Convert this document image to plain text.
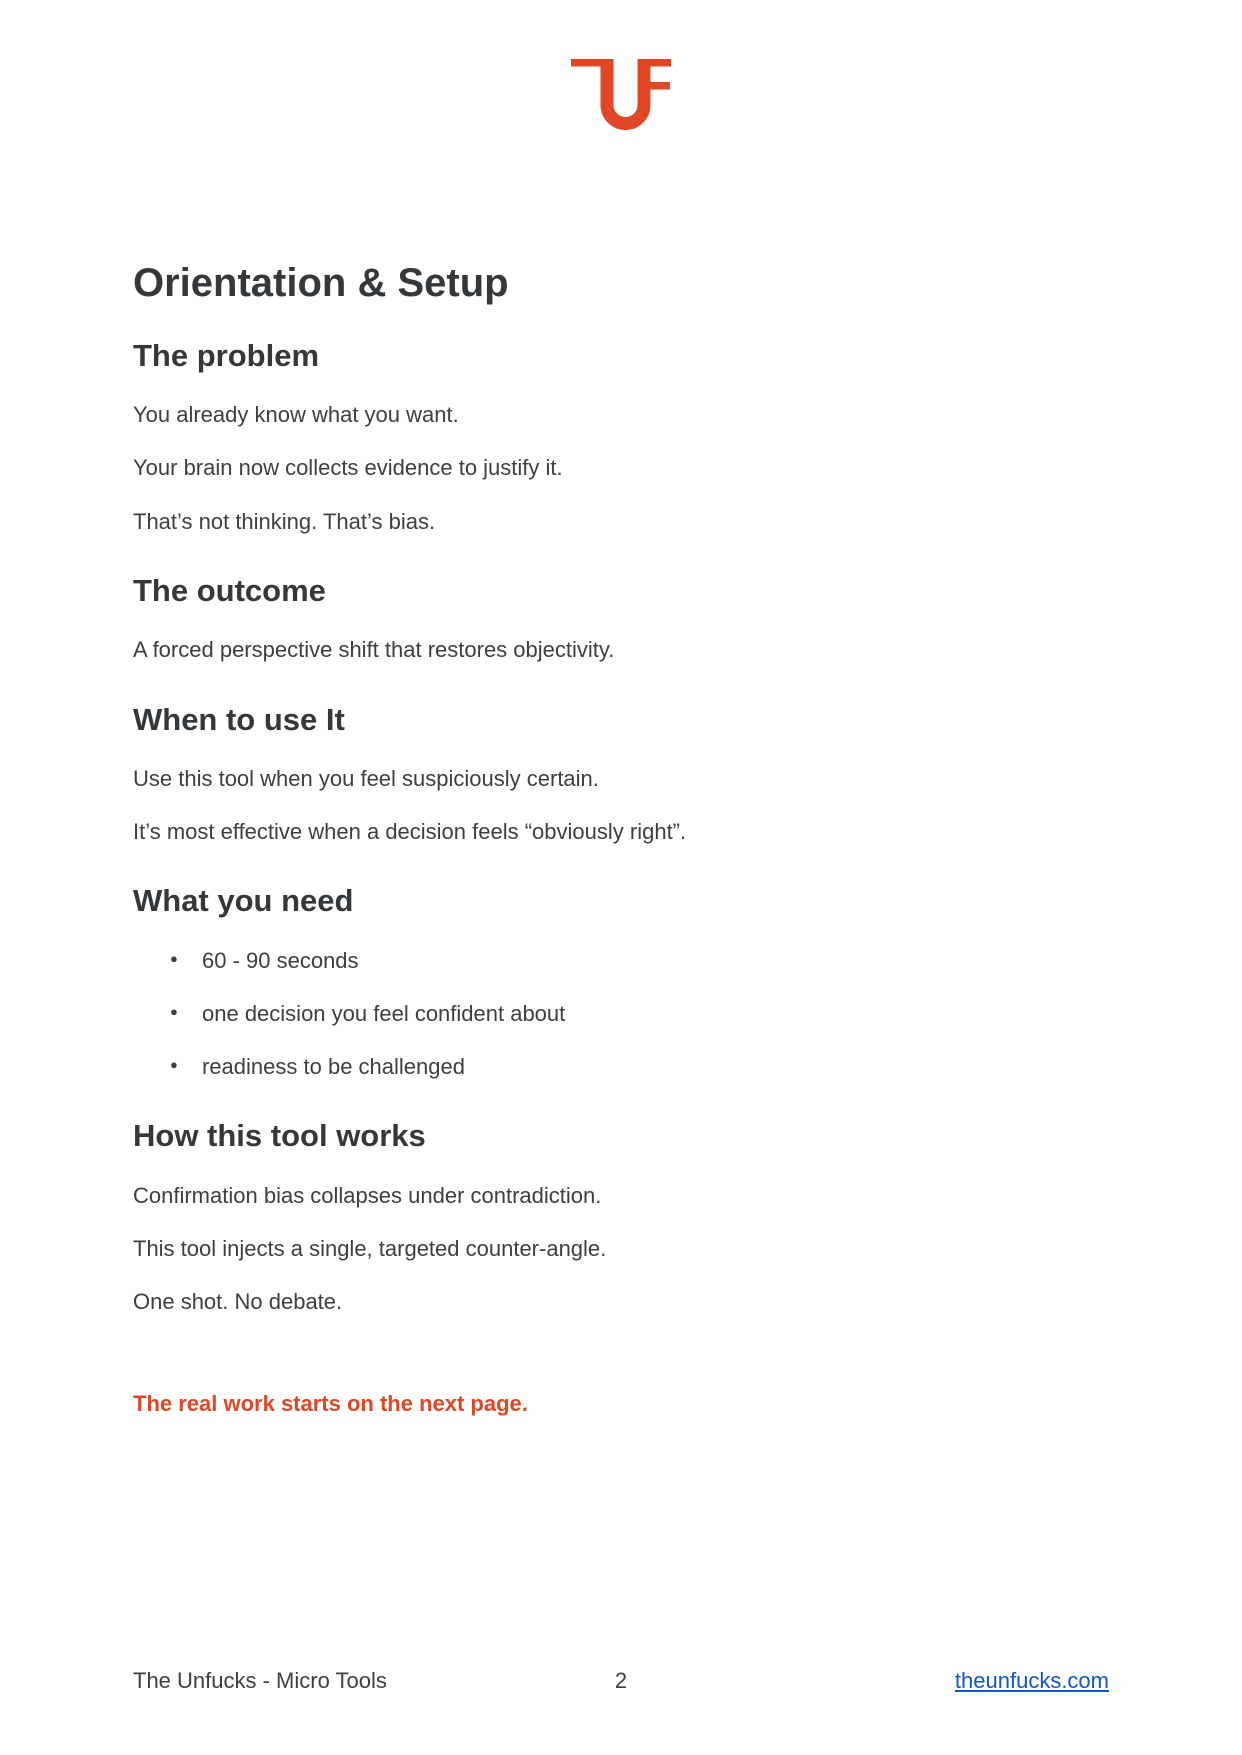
Orientation & Setup
The problem

You already know what you want.

Your brain now collects evidence to justify it.

That’s not thinking. That’s bias.

The outcome

A forced perspective shift that restores objectivity.

When to use It

Use this tool when you feel suspiciously certain.

It’s most effective when a decision feels “obviously right”.

What you need
● 60 - 90 seconds
● one decision you feel confident about
● readiness to be challenged
How this tool works

Confirmation bias collapses under contradiction.

This tool injects a single, targeted counter-angle.

One shot. No debate.

The real work starts on the next page.

The Unfucks - Micro Tools	2	theunfucks.com
